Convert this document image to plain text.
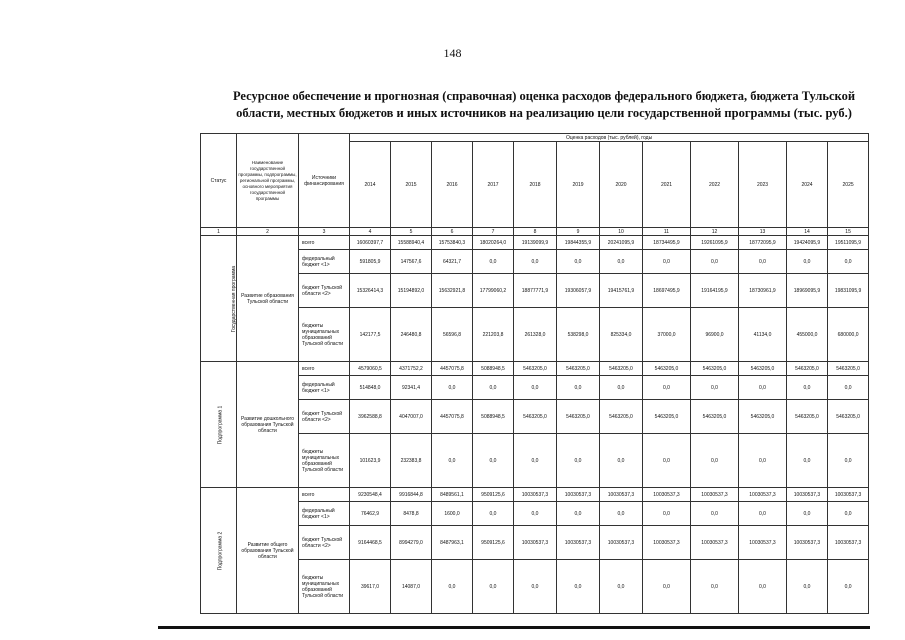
148
Ресурсное обеспечение и прогнозная (справочная) оценка расходов федерального бюджета, бюджета Тульской области, местных бюджетов и иных источников на реализацию цели государственной программы (тыс. руб.)
Статус	Наименование государственной программы, подпрограммы, региональной программы, основного мероприятия государственной программы	Источники финансирования	Оценка расходов (тыс. рублей), годы											
			2014	2015	2016	2017	2018	2019	2020	2021	2022	2023	2024	2025
1	2	3	4	5	6	7	8	9	10	11	12	13	14	15
Государственная программа	Развитие образования Тульской области	всего	16060397,7	15588940,4	15753840,3	18020264,0	19139099,9	19844355,9	20241095,9	18734495,9	19261095,9	18772095,9	19424095,9	19511095,9
		федеральный бюджет <1>	591805,9	147567,6	64321,7	0,0	0,0	0,0	0,0	0,0	0,0	0,0	0,0	0,0
		бюджет Тульской области <2>	15326414,3	15194892,0	15632921,8	17799060,2	18877771,9	19306057,9	19415761,9	18697495,9	19164195,9	18730961,9	18969095,9	19831095,9
		бюджеты муниципальных образований Тульской области	142177,5	246480,8	56596,8	221203,8	261328,0	538298,0	825334,0	37000,0	96900,0	41134,0	455000,0	680000,0
Подпрограмма 1	Развитие дошкольного образования Тульской области	всего	4579060,5	4371752,2	4457075,8	5088948,5	5463205,0	5463205,0	5463205,0	5463205,0	5463205,0	5463205,0	5463205,0	5463205,0
		федеральный бюджет <1>	514848,0	92341,4	0,0	0,0	0,0	0,0	0,0	0,0	0,0	0,0	0,0	0,0
		бюджет Тульской области <2>	3962588,8	4047007,0	4457075,8	5088948,5	5463205,0	5463205,0	5463205,0	5463205,0	5463205,0	5463205,0	5463205,0	5463205,0
		бюджеты муниципальных образований Тульской области	101623,9	232383,8	0,0	0,0	0,0	0,0	0,0	0,0	0,0	0,0	0,0	0,0
Подпрограмма 2	Развитие общего образования Тульской области	всего	9230548,4	9916844,8	8489561,1	9509125,6	10030537,3	10030537,3	10030537,3	10030537,3	10030537,3	10030537,3	10030537,3	10030537,3
		федеральный бюджет <1>	76462,9	8478,8	1600,0	0,0	0,0	0,0	0,0	0,0	0,0	0,0	0,0	0,0
		бюджет Тульской области <2>	9164468,5	8994279,0	8487963,1	9509125,6	10030537,3	10030537,3	10030537,3	10030537,3	10030537,3	10030537,3	10030537,3	10030537,3
		бюджеты муниципальных образований Тульской области	39617,0	14087,0	0,0	0,0	0,0	0,0	0,0	0,0	0,0	0,0	0,0	0,0
